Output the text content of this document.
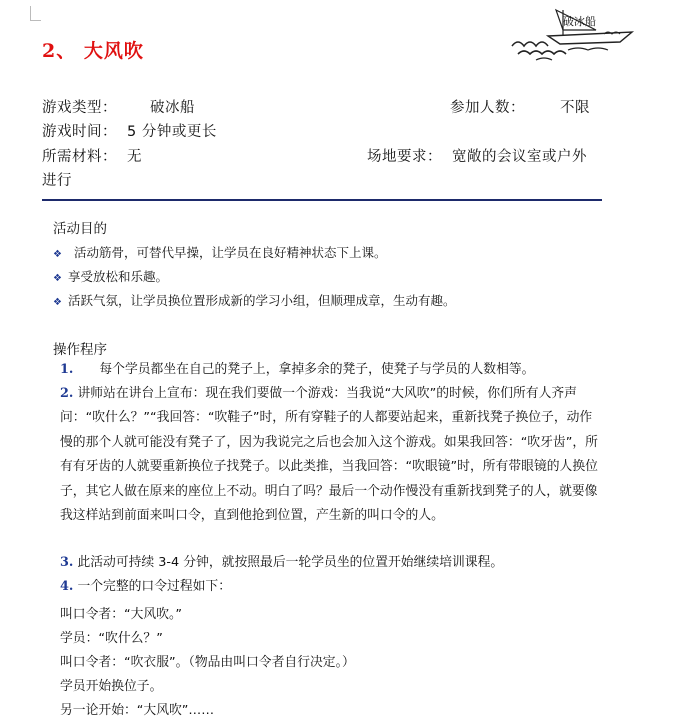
2、 大风吹
破冰船
游戏类型： 破冰船	参加人数： 不限
游戏时间： 5 分钟或更长
所需材料： 无	场地要求： 宽敞的会议室或户外
进行
活动目的
❖ 活动筋骨，可替代早操，让学员在良好精神状态下上课。
❖ 享受放松和乐趣。
❖ 活跃气氛，让学员换位置形成新的学习小组，但顺理成章，生动有趣。
操作程序
1. 每个学员都坐在自己的凳子上，拿掉多余的凳子，使凳子与学员的人数相等。
2. 讲师站在讲台上宣布：现在我们要做一个游戏：当我说“大风吹”的时候，你们所有人齐声问：“吹什么？”“我回答：“吹鞋子”时，所有穿鞋子的人都要站起来，重新找凳子换位子，动作慢的那个人就可能没有凳子了，因为我说完之后也会加入这个游戏。如果我回答：“吹牙齿”，所有有牙齿的人就要重新换位子找凳子。以此类推，当我回答：“吹眼镜”时，所有带眼镜的人换位子，其它人做在原来的座位上不动。明白了吗？最后一个动作慢没有重新找到凳子的人，就要像我这样站到前面来叫口令，直到他抢到位置，产生新的叫口令的人。
3. 此活动可持续 3-4 分钟，就按照最后一轮学员坐的位置开始继续培训课程。
4. 一个完整的口令过程如下：
叫口令者：“大风吹。”
学员：“吹什么？”
叫口令者：“吹衣服”。（物品由叫口令者自行决定。）
学员开始换位子。
另一论开始：“大风吹”……
